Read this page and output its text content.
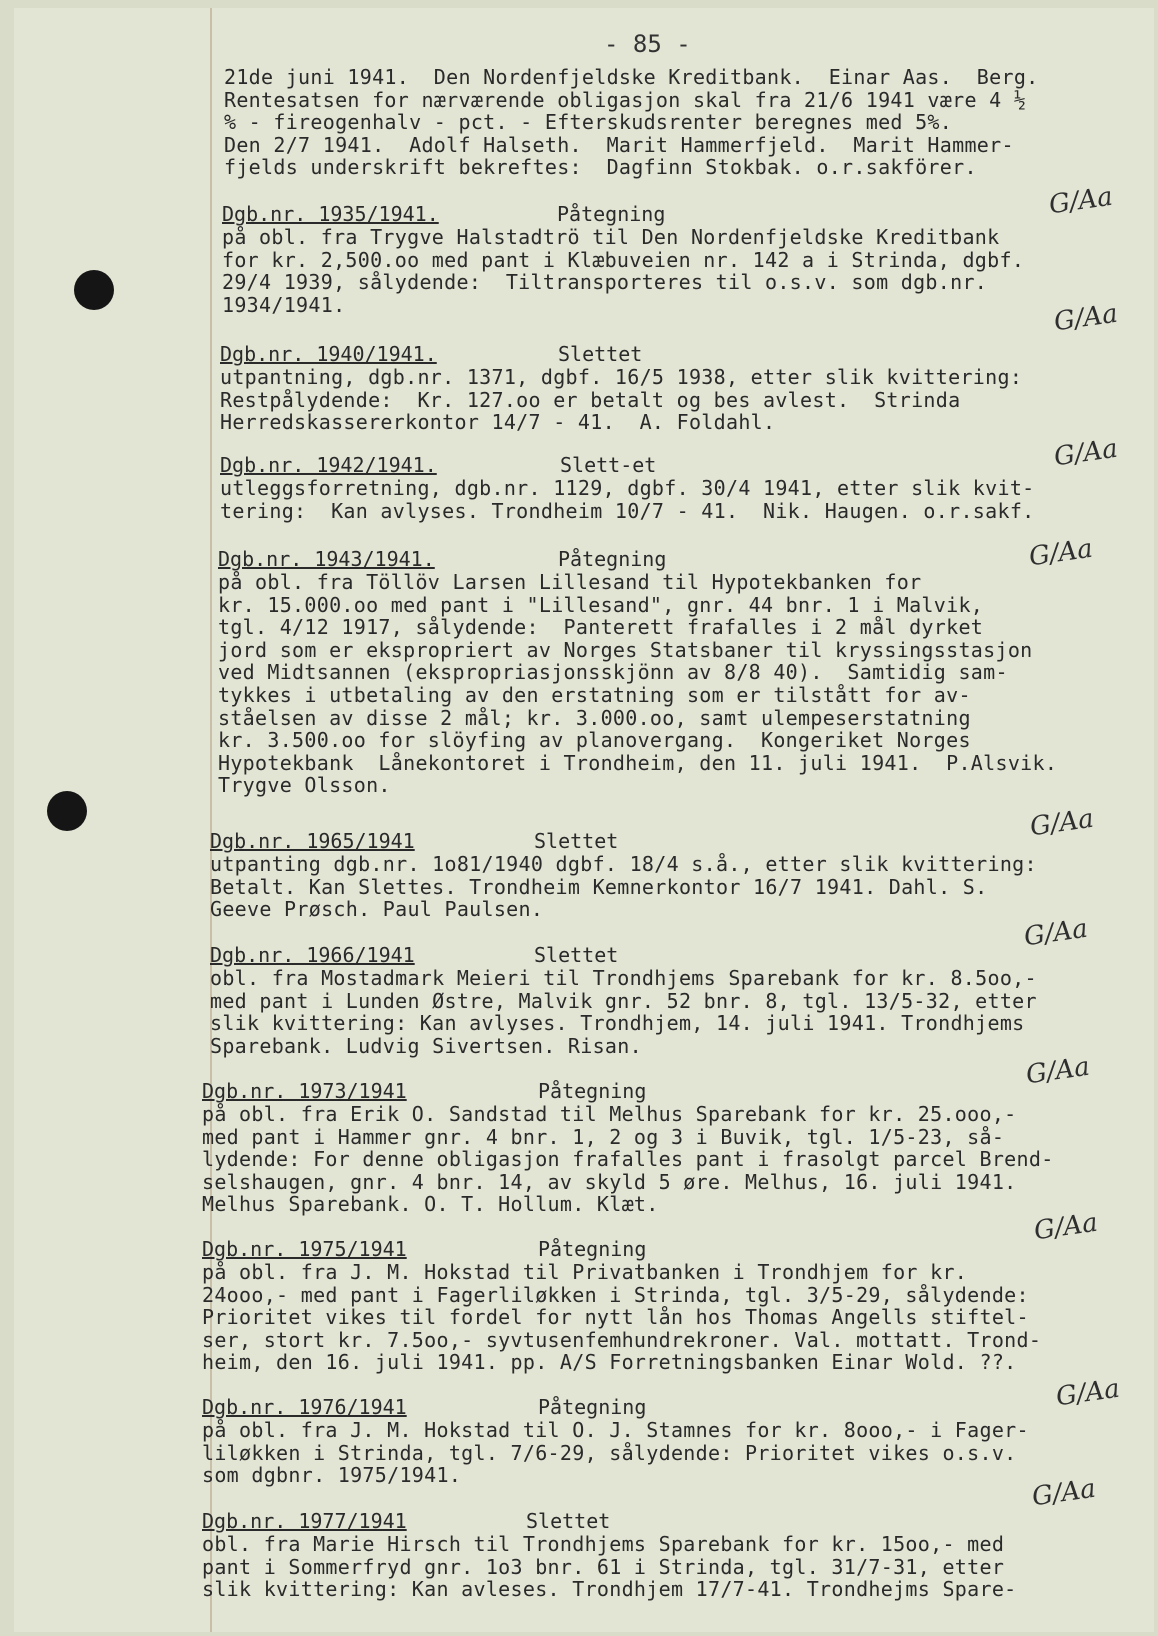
- 85 -
21de juni 1941.  Den Nordenfjeldske Kreditbank.  Einar Aas.  Berg.
Rentesatsen for nærværende obligasjon skal fra 21/6 1941 være 4 ½
% - fireogenhalv - pct. - Efterskudsrenter beregnes med 5%.
Den 2/7 1941.  Adolf Halseth.  Marit Hammerfjeld.  Marit Hammer-
fjelds underskrift bekreftes:  Dagfinn Stokbak. o.r.sakförer.
Dgb.nr. 1935/1941.	Påtegning
på obl. fra Trygve Halstadtrö til Den Nordenfjeldske Kreditbank
for kr. 2,500.oo med pant i Klæbuveien nr. 142 a i Strinda, dgbf.
29/4 1939, sålydende:  Tiltransporteres til o.s.v. som dgb.nr.
1934/1941.
G/Aa
Dgb.nr. 1940/1941.	Slettet
utpantning, dgb.nr. 1371, dgbf. 16/5 1938, etter slik kvittering:
Restpålydende:  Kr. 127.oo er betalt og bes avlest.  Strinda
Herredskassererkontor 14/7 - 41.  A. Foldahl.
G/Aa
Dgb.nr. 1942/1941.	Slett-et
utleggsforretning, dgb.nr. 1129, dgbf. 30/4 1941, etter slik kvit-
tering:  Kan avlyses. Trondheim 10/7 - 41.  Nik. Haugen. o.r.sakf.
G/Aa
Dgb.nr. 1943/1941.	Påtegning
på obl. fra Töllöv Larsen Lillesand til Hypotekbanken for
kr. 15.000.oo med pant i "Lillesand", gnr. 44 bnr. 1 i Malvik,
tgl. 4/12 1917, sålydende:  Panterett frafalles i 2 mål dyrket
jord som er ekspropriert av Norges Statsbaner til kryssingsstasjon
ved Midtsannen (ekspropriasjonsskjönn av 8/8 40).  Samtidig sam-
tykkes i utbetaling av den erstatning som er tilstått for av-
ståelsen av disse 2 mål; kr. 3.000.oo, samt ulempeserstatning
kr. 3.500.oo for slöyfing av planovergang.  Kongeriket Norges
Hypotekbank  Lånekontoret i Trondheim, den 11. juli 1941.  P.Alsvik.
Trygve Olsson.
G/Aa
Dgb.nr. 1965/1941	Slettet
utpanting dgb.nr. 1o81/1940 dgbf. 18/4 s.å., etter slik kvittering:
Betalt. Kan Slettes. Trondheim Kemnerkontor 16/7 1941. Dahl. S.
Geeve Prøsch. Paul Paulsen.
G/Aa
Dgb.nr. 1966/1941	Slettet
obl. fra Mostadmark Meieri til Trondhjems Sparebank for kr. 8.5oo,-
med pant i Lunden Østre, Malvik gnr. 52 bnr. 8, tgl. 13/5-32, etter
slik kvittering: Kan avlyses. Trondhjem, 14. juli 1941. Trondhjems
Sparebank. Ludvig Sivertsen. Risan.
G/Aa
Dgb.nr. 1973/1941	Påtegning
på obl. fra Erik O. Sandstad til Melhus Sparebank for kr. 25.ooo,-
med pant i Hammer gnr. 4 bnr. 1, 2 og 3 i Buvik, tgl. 1/5-23, så-
lydende: For denne obligasjon frafalles pant i frasolgt parcel Brend-
selshaugen, gnr. 4 bnr. 14, av skyld 5 øre. Melhus, 16. juli 1941.
Melhus Sparebank. O. T. Hollum. Klæt.
G/Aa
Dgb.nr. 1975/1941	Påtegning
på obl. fra J. M. Hokstad til Privatbanken i Trondhjem for kr.
24ooo,- med pant i Fagerliløkken i Strinda, tgl. 3/5-29, sålydende:
Prioritet vikes til fordel for nytt lån hos Thomas Angells stiftel-
ser, stort kr. 7.5oo,- syvtusenfemhundrekroner. Val. mottatt. Trond-
heim, den 16. juli 1941. pp. A/S Forretningsbanken Einar Wold. ??.
G/Aa
Dgb.nr. 1976/1941	Påtegning
på obl. fra J. M. Hokstad til O. J. Stamnes for kr. 8ooo,- i Fager-
liløkken i Strinda, tgl. 7/6-29, sålydende: Prioritet vikes o.s.v.
som dgbnr. 1975/1941.
G/Aa
Dgb.nr. 1977/1941	Slettet
obl. fra Marie Hirsch til Trondhjems Sparebank for kr. 15oo,- med
pant i Sommerfryd gnr. 1o3 bnr. 61 i Strinda, tgl. 31/7-31, etter
slik kvittering: Kan avleses. Trondhjem 17/7-41. Trondhejms Spare-
G/Aa
